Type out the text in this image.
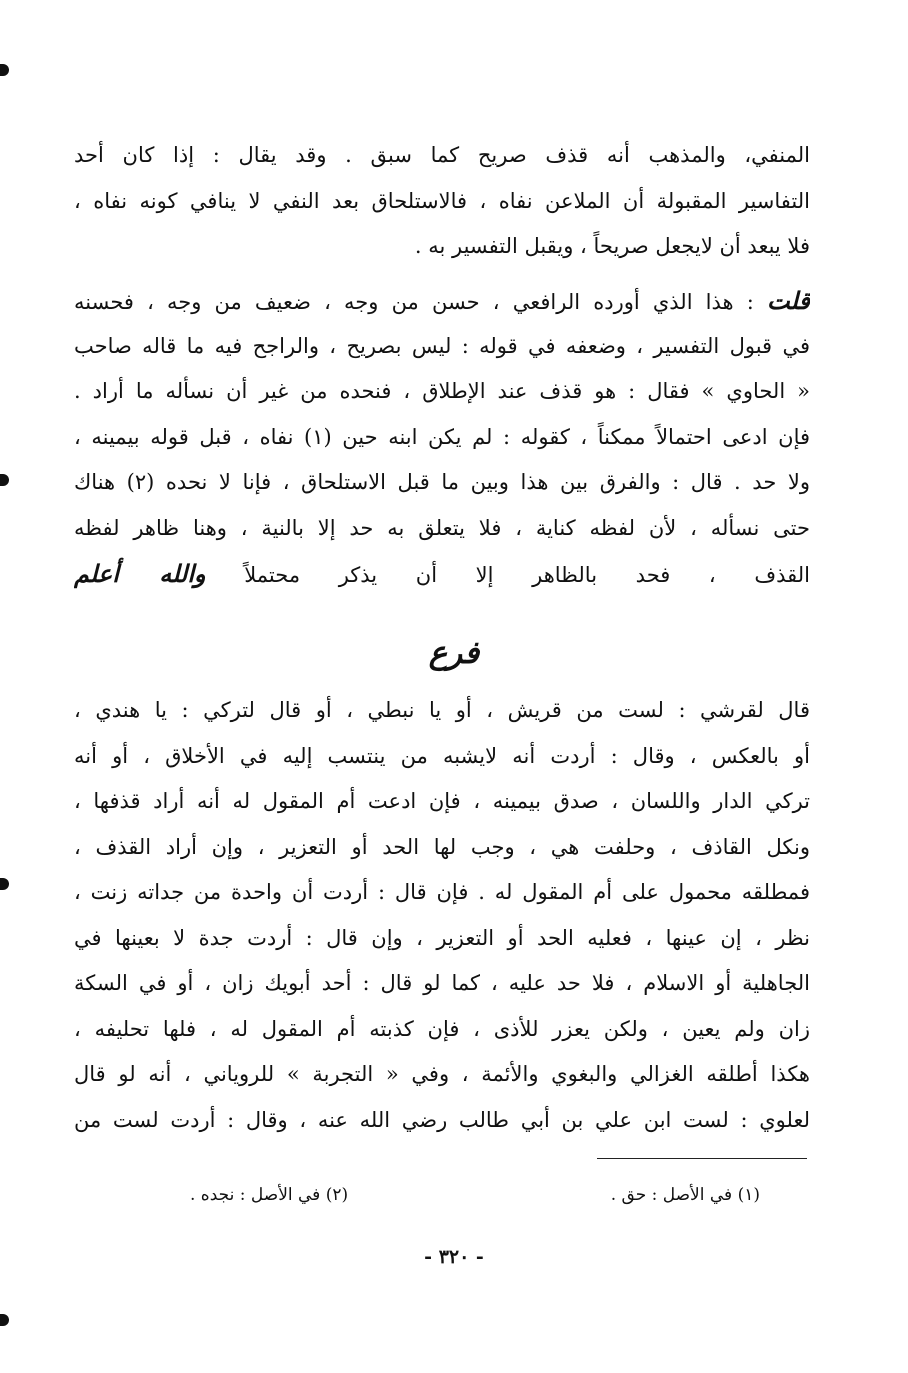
المنفي، والمذهب أنه قذف صريح كما سبق . وقد يقال : إذا كان أحد
التفاسير المقبولة أن الملاعن نفاه ، فالاستلحاق بعد النفي لا ينافي كونه نفاه ،
فلا يبعد أن لايجعل صريحاً ، ويقبل التفسير به .
قلت : هذا الذي أورده الرافعي ، حسن من وجه ، ضعيف من وجه ، فحسنه
في قبول التفسير ، وضعفه في قوله : ليس بصريح ، والراجح فيه ما قاله صاحب
« الحاوي » فقال : هو قذف عند الإطلاق ، فنحده من غير أن نسأله ما أراد .
فإن ادعى احتمالاً ممكناً ، كقوله : لم يكن ابنه حين (١) نفاه ، قبل قوله بيمينه ،
ولا حد . قال : والفرق بين هذا وبين ما قبل الاستلحاق ، فإنا لا نحده (٢) هناك
حتى نسأله ، لأن لفظه كناية ، فلا يتعلق به حد إلا بالنية ، وهنا ظاهر لفظه
القذف ، فحد بالظاهر إلا أن يذكر محتملاً والله أعلم
فرع
قال لقرشي : لست من قريش ، أو يا نبطي ، أو قال لتركي : يا هندي ،
أو بالعكس ، وقال : أردت أنه لايشبه من ينتسب إليه في الأخلاق ، أو أنه
تركي الدار واللسان ، صدق بيمينه ، فإن ادعت أم المقول له أنه أراد قذفها ،
ونكل القاذف ، وحلفت هي ، وجب لها الحد أو التعزير ، وإن أراد القذف ،
فمطلقه محمول على أم المقول له . فإن قال : أردت أن واحدة من جداته زنت ،
نظر ، إن عينها ، فعليه الحد أو التعزير ، وإن قال : أردت جدة لا بعينها في
الجاهلية أو الاسلام ، فلا حد عليه ، كما لو قال : أحد أبويك زان ، أو في السكة
زان ولم يعين ، ولكن يعزر للأذى ، فإن كذبته أم المقول له ، فلها تحليفه ،
هكذا أطلقه الغزالي والبغوي والأئمة ، وفي « التجربة » للروياني ، أنه لو قال
لعلوي : لست ابن علي بن أبي طالب رضي الله عنه ، وقال : أردت لست من
(١) في الأصل : حق .
(٢) في الأصل : نجده .
- ٣٢٠ -
